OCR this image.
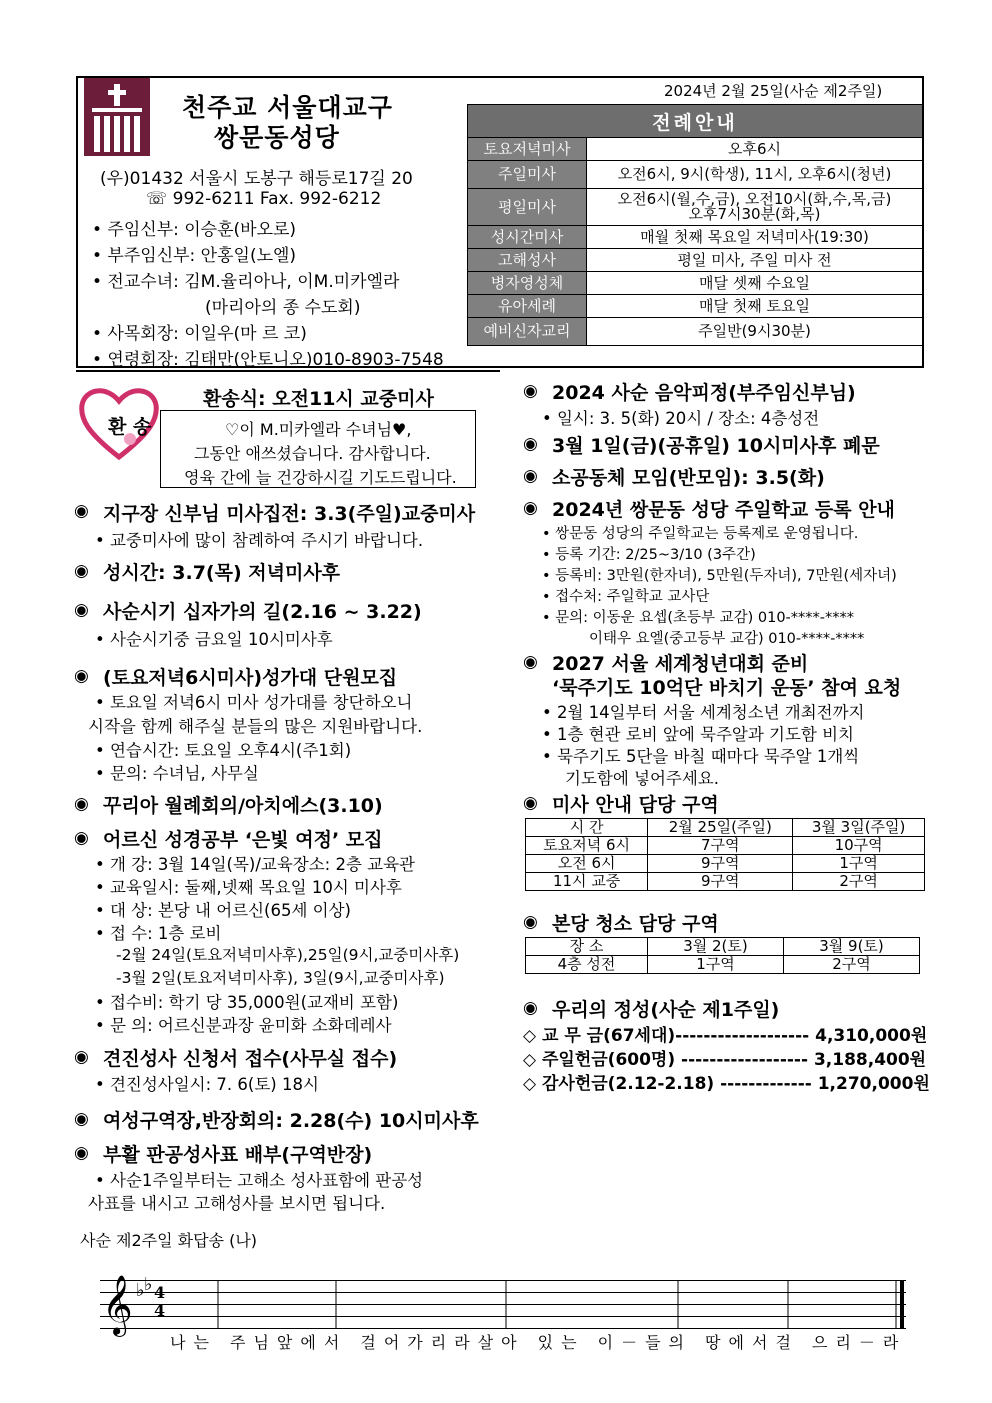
천주교 서울대교구
쌍문동성당
(우)01432 서울시 도봉구 해등로17길 20
☏ 992-6211 Fax. 992-6212
• 주임신부: 이승훈(바오로)
• 부주임신부: 안홍일(노엘)
• 전교수녀: 김M.율리아나, 이M.미카엘라
(마리아의 종 수도회)
• 사목회장: 이일우(마 르 코)
• 연령회장: 김태만(안토니오)010-8903-7548
2024년 2월 25일(사순 제2주일)
전례안내	
토요저녁미사	오후6시
주일미사	오전6시, 9시(학생), 11시, 오후6시(청년)
평일미사	오전6시(월,수,금), 오전10시(화,수,목,금)
오후7시30분(화,목)

성시간미사	매월 첫째 목요일 저녁미사(19:30)
고해성사	평일 미사, 주일 미사 전
병자영성체	매달 셋째 수요일
유아세례	매달 첫째 토요일
예비신자교리	주일반(9시30분)
환 송
환송식: 오전11시 교중미사
♡이 M.미카엘라 수녀님♥,
그동안 애쓰셨습니다. 감사합니다.
영육 간에 늘 건강하시길 기도드립니다.
◉ 지구장 신부님 미사집전: 3.3(주일)교중미사
• 교중미사에 많이 참례하여 주시기 바랍니다.
◉ 성시간: 3.7(목) 저녁미사후
◉ 사순시기 십자가의 길(2.16 ~ 3.22)
• 사순시기중 금요일 10시미사후
◉ (토요저녁6시미사)성가대 단원모집
• 토요일 저녁6시 미사 성가대를 창단하오니
시작을 함께 해주실 분들의 많은 지원바랍니다.
• 연습시간: 토요일 오후4시(주1회)
• 문의: 수녀님, 사무실
◉ 꾸리아 월례회의/아치에스(3.10)
◉ 어르신 성경공부 ‘은빛 여정’ 모집
• 개 강: 3월 14일(목)/교육장소: 2층 교육관
• 교육일시: 둘째,넷째 목요일 10시 미사후
• 대 상: 본당 내 어르신(65세 이상)
• 접 수: 1층 로비
-2월 24일(토요저녁미사후),25일(9시,교중미사후)
-3월 2일(토요저녁미사후), 3일(9시,교중미사후)
• 접수비: 학기 당 35,000원(교재비 포함)
• 문 의: 어르신분과장 윤미화 소화데레사
◉ 견진성사 신청서 접수(사무실 접수)
• 견진성사일시: 7. 6(토) 18시
◉ 여성구역장,반장회의: 2.28(수) 10시미사후
◉ 부활 판공성사표 배부(구역반장)
• 사순1주일부터는 고해소 성사표함에 판공성
사표를 내시고 고해성사를 보시면 됩니다.
◉ 2024 사순 음악피정(부주임신부님)
• 일시: 3. 5(화) 20시 / 장소: 4층성전
◉ 3월 1일(금)(공휴일) 10시미사후 폐문
◉ 소공동체 모임(반모임): 3.5(화)
◉ 2024년 쌍문동 성당 주일학교 등록 안내
• 쌍문동 성당의 주일학교는 등록제로 운영됩니다.
• 등록 기간: 2/25~3/10 (3주간)
• 등록비: 3만원(한자녀), 5만원(두자녀), 7만원(세자녀)
• 접수처: 주일학교 교사단
• 문의: 이동운 요셉(초등부 교감) 010-****-****
이태우 요엘(중고등부 교감) 010-****-****
◉ 2027 서울 세계청년대회 준비
‘묵주기도 10억단 바치기 운동’ 참여 요청
• 2월 14일부터 서울 세계청소년 개최전까지
• 1층 현관 로비 앞에 묵주알과 기도함 비치
• 묵주기도 5단을 바칠 때마다 묵주알 1개씩
기도함에 넣어주세요.
◉ 미사 안내 담당 구역
시 간	2월 25일(주일)	3월 3일(주일)
토요저녁 6시	7구역	10구역
오전 6시	9구역	1구역
11시 교중	9구역	2구역
◉ 본당 청소 담당 구역
장 소	3월 2(토)	3월 9(토)
4층 성전	1구역	2구역
◉ 우리의 정성(사순 제1주일)
◇ 교 무 금(67세대)------------------- 4,310,000원
◇ 주일헌금(600명) ------------------ 3,188,400원
◇ 감사헌금(2.12-2.18) ------------- 1,270,000원
사순 제2주일 화답송 (나)
𝄞 ♭ ♭ 4
4
나는 주님앞에서 걸어가리라살아 있는 이－들의 땅에서걸 으리－라
